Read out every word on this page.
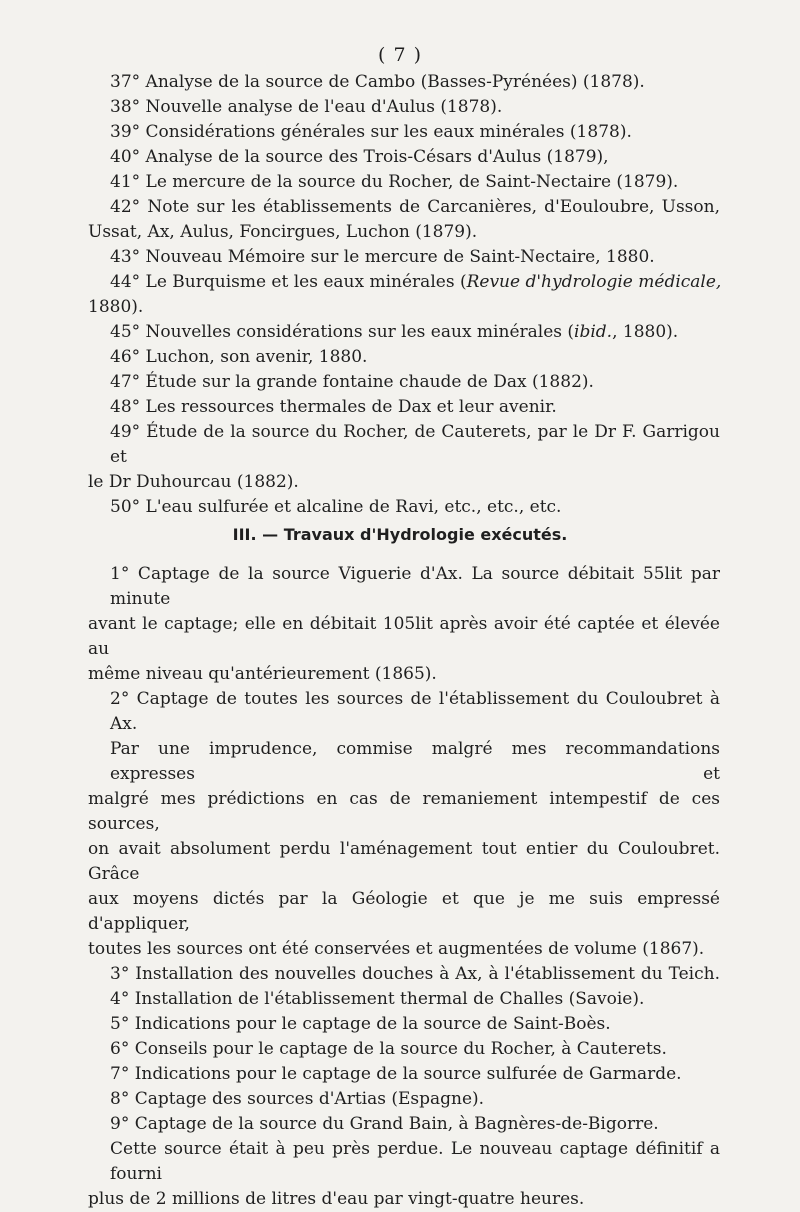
( 7 )
37° Analyse de la source de Cambo (Basses-Pyrénées) (1878).
38° Nouvelle analyse de l'eau d'Aulus (1878).
39° Considérations générales sur les eaux minérales (1878).
40° Analyse de la source des Trois-Césars d'Aulus (1879),
41° Le mercure de la source du Rocher, de Saint-Nectaire (1879).
42° Note sur les établissements de Carcanières, d'Eouloubre, Usson,
Ussat, Ax, Aulus, Foncirgues, Luchon (1879).
43° Nouveau Mémoire sur le mercure de Saint-Nectaire, 1880.
44° Le Burquisme et les eaux minérales (Revue d'hydrologie médicale,
1880).
45° Nouvelles considérations sur les eaux minérales (ibid., 1880).
46° Luchon, son avenir, 1880.
47° Étude sur la grande fontaine chaude de Dax (1882).
48° Les ressources thermales de Dax et leur avenir.
49° Étude de la source du Rocher, de Cauterets, par le Dr F. Garrigou et
le Dr Duhourcau (1882).
50° L'eau sulfurée et alcaline de Ravi, etc., etc., etc.
III. — Travaux d'Hydrologie exécutés.
1° Captage de la source Viguerie d'Ax. La source débitait 55lit par minute
avant le captage; elle en débitait 105lit après avoir été captée et élevée au
même niveau qu'antérieurement (1865).
2° Captage de toutes les sources de l'établissement du Couloubret à Ax.
Par une imprudence, commise malgré mes recommandations expresses et
malgré mes prédictions en cas de remaniement intempestif de ces sources,
on avait absolument perdu l'aménagement tout entier du Couloubret. Grâce
aux moyens dictés par la Géologie et que je me suis empressé d'appliquer,
toutes les sources ont été conservées et augmentées de volume (1867).
3° Installation des nouvelles douches à Ax, à l'établissement du Teich.
4° Installation de l'établissement thermal de Challes (Savoie).
5° Indications pour le captage de la source de Saint-Boès.
6° Conseils pour le captage de la source du Rocher, à Cauterets.
7° Indications pour le captage de la source sulfurée de Garmarde.
8° Captage des sources d'Artias (Espagne).
9° Captage de la source du Grand Bain, à Bagnères-de-Bigorre.
Cette source était à peu près perdue. Le nouveau captage définitif a fourni
plus de 2 millions de litres d'eau par vingt-quatre heures.
